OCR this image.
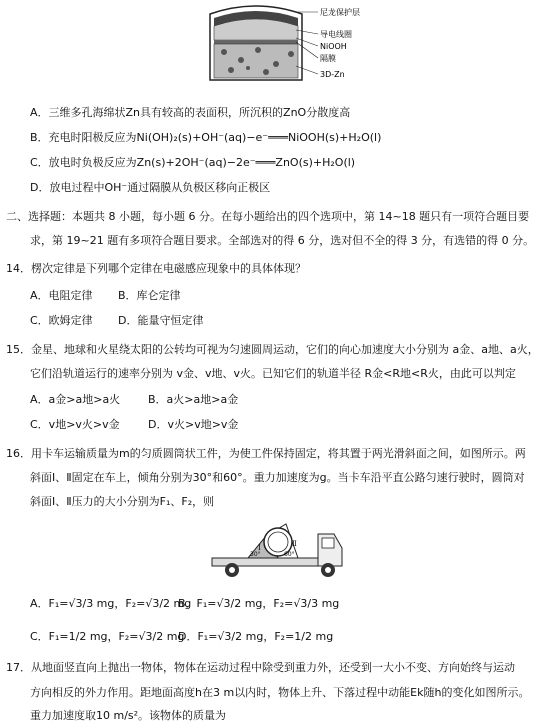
尼龙保护层
导电线圈
NiOOH
隔膜
3D-Zn
A．三维多孔海绵状Zn具有较高的表面积，所沉积的ZnO分散度高
B．充电时阳极反应为Ni(OH)₂(s)+OH⁻(aq)−e⁻═══NiOOH(s)+H₂O(l)
C．放电时负极反应为Zn(s)+2OH⁻(aq)−2e⁻═══ZnO(s)+H₂O(l)
D．放电过程中OH⁻通过隔膜从负极区移向正极区
二、选择题：本题共 8 小题，每小题 6 分。在每小题给出的四个选项中，第 14~18 题只有一项符合题目要
求，第 19~21 题有多项符合题目要求。全部选对的得 6 分，选对但不全的得 3 分，有选错的得 0 分。
14．楞次定律是下列哪个定律在电磁感应现象中的具体体现？
A．电阻定律 B．库仑定律
C．欧姆定律 D．能量守恒定律
15．金星、地球和火星绕太阳的公转均可视为匀速圆周运动，它们的向心加速度大小分别为 a金、a地、a火，
它们沿轨道运行的速率分别为 v金、v地、v火。已知它们的轨道半径 R金<R地<R火，由此可以判定
A．a金>a地>a火	B．a火>a地>a金
C．v地>v火>v金	D．v火>v地>v金
16．用卡车运输质量为m的匀质圆筒状工件，为使工件保持固定，将其置于两光滑斜面之间，如图所示。两
斜面Ⅰ、Ⅱ固定在车上，倾角分别为30°和60°。重力加速度为g。当卡车沿平直公路匀速行驶时，圆筒对
斜面Ⅰ、Ⅱ压力的大小分别为F₁、F₂，则
Ⅰ	Ⅱ
30°	60°
A．F₁=√3/3 mg，F₂=√3/2 mg
B．F₁=√3/2 mg，F₂=√3/3 mg
C．F₁=1/2 mg，F₂=√3/2 mg
D．F₁=√3/2 mg，F₂=1/2 mg
17．从地面竖直向上抛出一物体，物体在运动过程中除受到重力外，还受到一大小不变、方向始终与运动
方向相反的外力作用。距地面高度h在3 m以内时，物体上升、下落过程中动能Ek随h的变化如图所示。
重力加速度取10 m/s²。该物体的质量为
